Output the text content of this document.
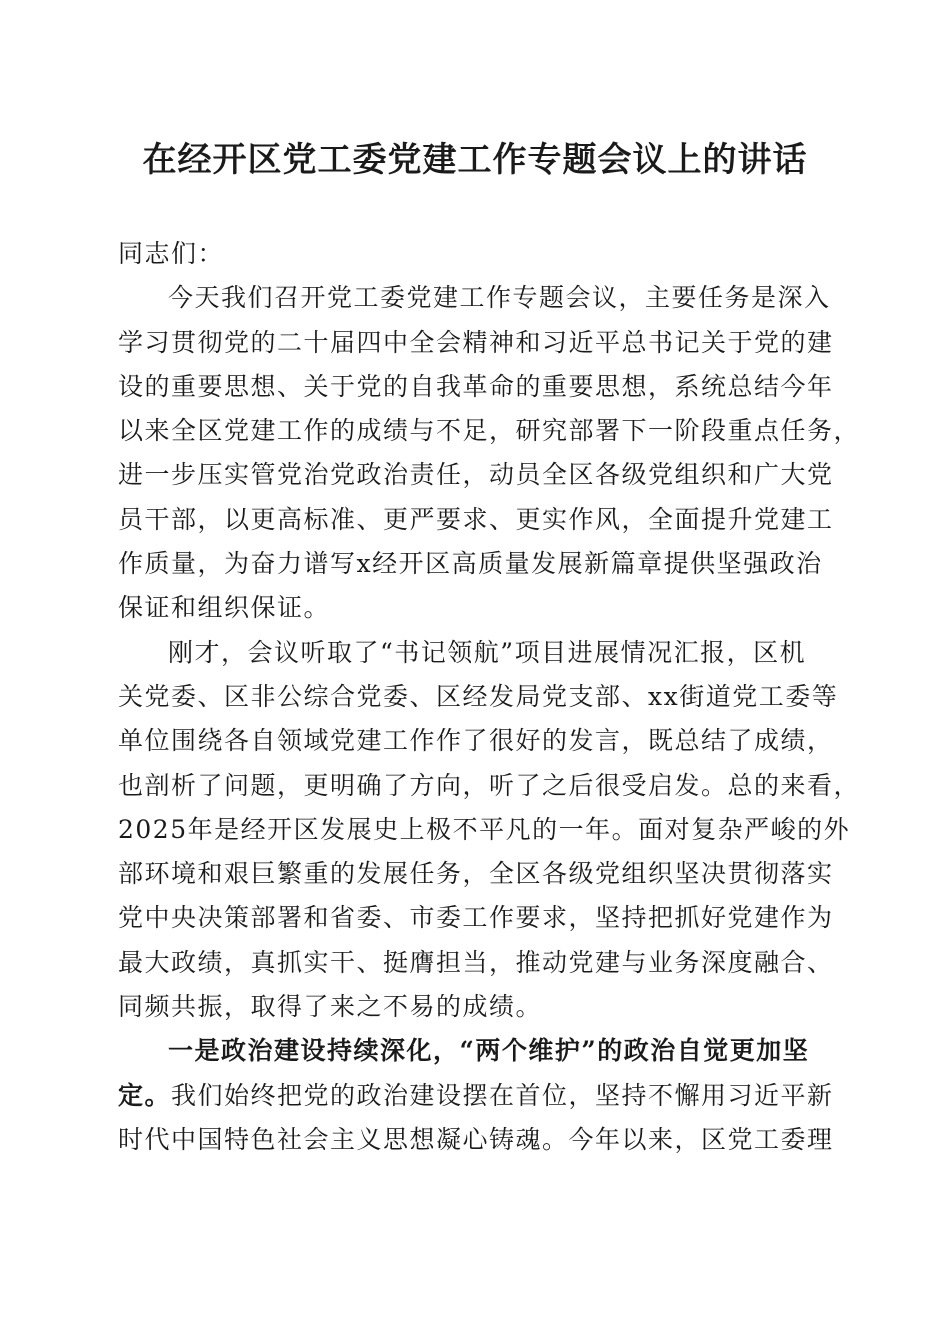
在经开区党工委党建工作专题会议上的讲话

同志们：

今天我们召开党工委党建工作专题会议，主要任务是深入

学习贯彻党的二十届四中全会精神和习近平总书记关于党的建

设的重要思想、关于党的自我革命的重要思想，系统总结今年

以来全区党建工作的成绩与不足，研究部署下一阶段重点任务，

进一步压实管党治党政治责任，动员全区各级党组织和广大党

员干部，以更高标准、更严要求、更实作风，全面提升党建工

作质量，为奋力谱写x经开区高质量发展新篇章提供坚强政治

保证和组织保证。

刚才，会议听取了“书记领航”项目进展情况汇报，区机

关党委、区非公综合党委、区经发局党支部、xx街道党工委等

单位围绕各自领域党建工作作了很好的发言，既总结了成绩，

也剖析了问题，更明确了方向，听了之后很受启发。总的来看，

2025年是经开区发展史上极不平凡的一年。面对复杂严峻的外

部环境和艰巨繁重的发展任务，全区各级党组织坚决贯彻落实

党中央决策部署和省委、市委工作要求，坚持把抓好党建作为

最大政绩，真抓实干、挺膺担当，推动党建与业务深度融合、

同频共振，取得了来之不易的成绩。

一是政治建设持续深化，“两个维护”的政治自觉更加坚

定。我们始终把党的政治建设摆在首位，坚持不懈用习近平新

时代中国特色社会主义思想凝心铸魂。今年以来，区党工委理
